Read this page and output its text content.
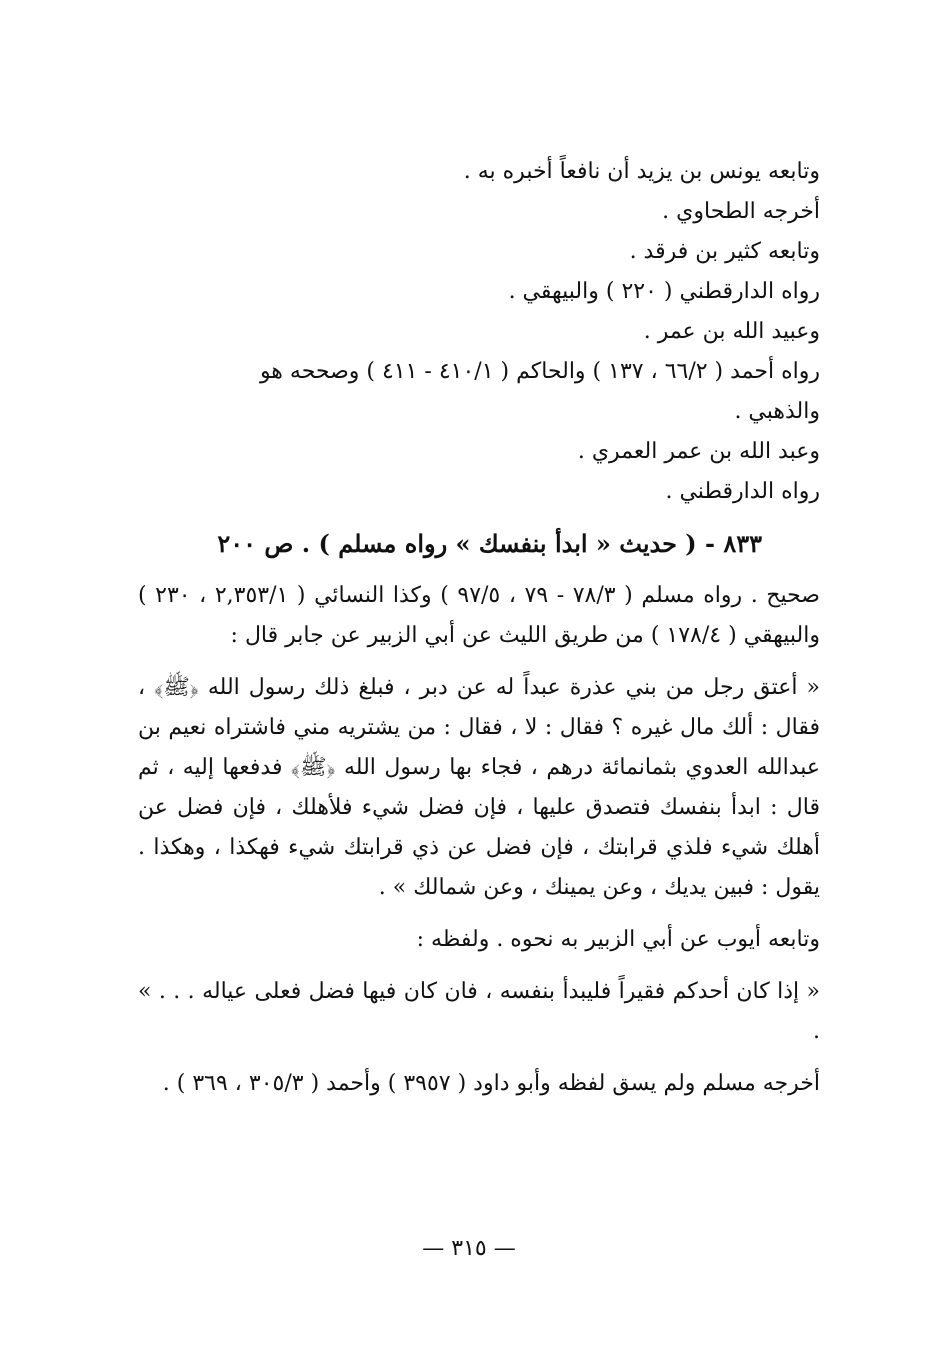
وتابعه يونس بن يزيد أن نافعاً أخبره به .

أخرجه الطحاوي .

وتابعه كثير بن فرقد .

رواه الدارقطني ( ٢٢٠ ) والبيهقي .

وعبيد الله بن عمر .

رواه أحمد ( ٦٦/٢ ، ١٣٧ ) والحاكم ( ٤١٠/١ - ٤١١ ) وصححه هو

والذهبي .

وعبد الله بن عمر العمري .

رواه الدارقطني .

٨٣٣ - ( حديث « ابدأ بنفسك » رواه مسلم ) . ص ٢٠٠

صحيح . رواه مسلم ( ٧٨/٣ - ٧٩ ، ٩٧/٥ ) وكذا النسائي ( ٢,٣٥٣/١ ، ٢٣٠ ) والبيهقي ( ١٧٨/٤ ) من طريق الليث عن أبي الزبير عن جابر قال :

« أعتق رجل من بني عذرة عبداً له عن دبر ، فبلغ ذلك رسول الله ﴿ﷺ﴾ ، فقال : ألك مال غيره ؟ فقال : لا ، فقال : من يشتريه مني فاشتراه نعيم بن عبدالله العدوي بثمانمائة درهم ، فجاء بها رسول الله ﴿ﷺ﴾ فدفعها إليه ، ثم قال : ابدأ بنفسك فتصدق عليها ، فإن فضل شيء فلأهلك ، فإن فضل عن أهلك شيء فلذي قرابتك ، فإن فضل عن ذي قرابتك شيء فهكذا ، وهكذا . يقول : فبين يديك ، وعن يمينك ، وعن شمالك » .

وتابعه أيوب عن أبي الزبير به نحوه . ولفظه :

« إذا كان أحدكم فقيراً فليبدأ بنفسه ، فان كان فيها فضل فعلى عياله . . . » .

أخرجه مسلم ولم يسق لفظه وأبو داود ( ٣٩٥٧ ) وأحمد ( ٣٠٥/٣ ، ٣٦٩ ) .

— ٣١٥ —
